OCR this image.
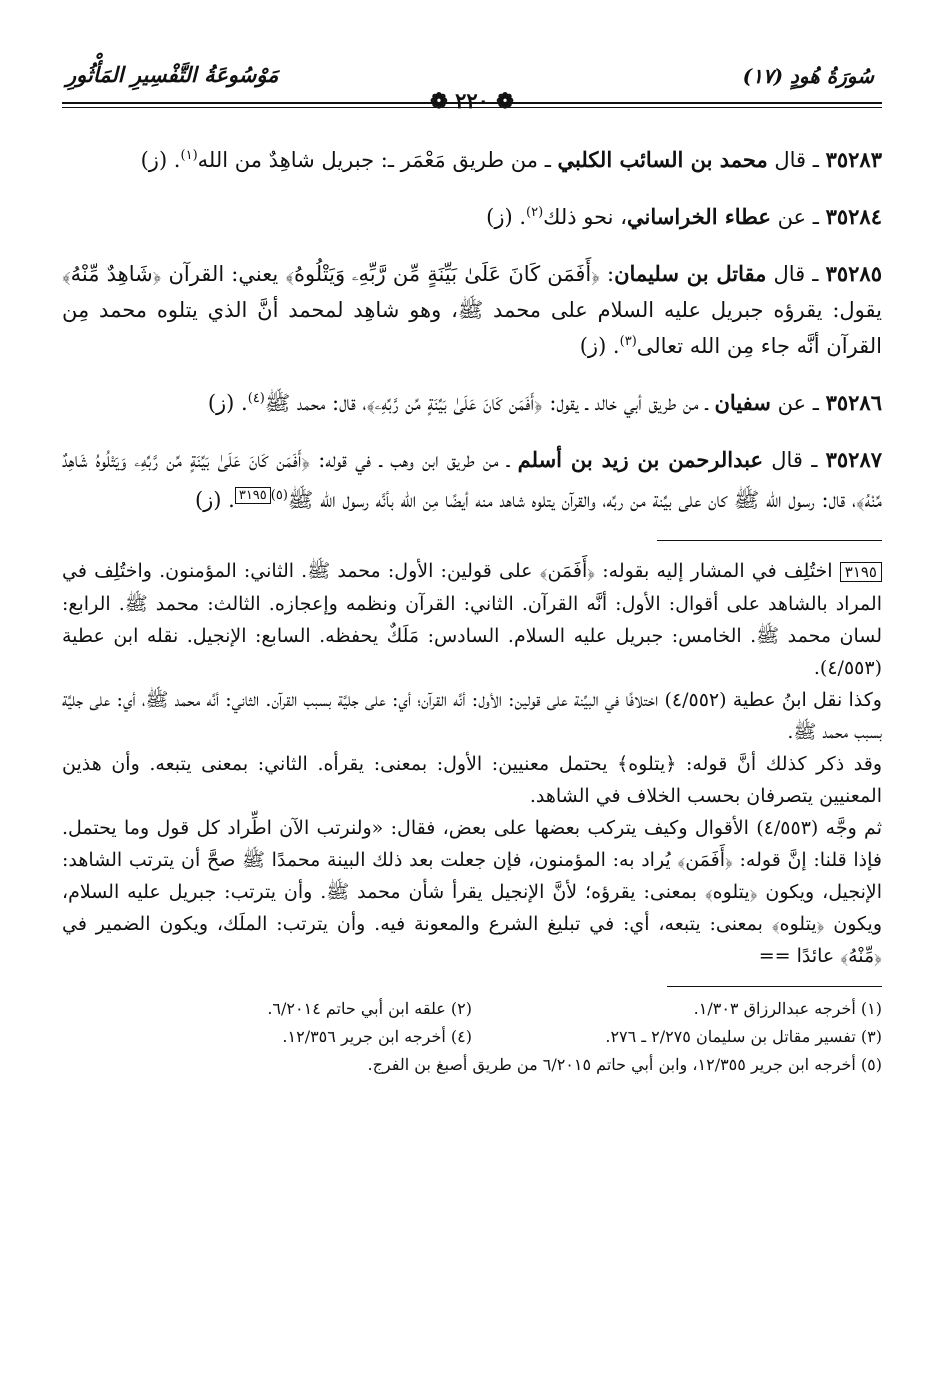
سُورَةُ هُودٍ (١٧)
مَوْسُوعَةُ التَّفْسِيرِ المَأْثُورِ
❁ ٢٢٠ ❁

٣٥٢٨٣ ـ قال محمد بن السائب الكلبي ـ من طريق مَعْمَر ـ: جبريل شاهِدٌ من الله$^{(١)}$. (ز)

٣٥٢٨٤ ـ عن عطاء الخراساني، نحو ذلك$^{(٢)}$. (ز)

٣٥٢٨٥ ـ قال مقاتل بن سليمان: ﴿أَفَمَن كَانَ عَلَىٰ بَيِّنَةٍ مِّن رَّبِّهِۦ وَيَتْلُوهُ﴾ يعني: القرآن ﴿شَاهِدٌ مِّنْهُ﴾ يقول: يقرؤه جبريل عليه السلام على محمد ﷺ، وهو شاهِد لمحمد أنَّ الذي يتلوه محمد مِن القرآن أنَّه جاء مِن الله تعالى$^{(٣)}$. (ز)

٣٥٢٨٦ ـ عن سفيان ـ من طريق أبي خالد ـ يقول: ﴿أَفَمَن كَانَ عَلَىٰ بَيِّنَةٍ مِّن رَّبِّهِۦ﴾، قال: محمد ﷺ$^{(٤)}$. (ز)

٣٥٢٨٧ ـ قال عبدالرحمن بن زيد بن أسلم ـ من طريق ابن وهب ـ في قوله: ﴿أَفَمَن كَانَ عَلَىٰ بَيِّنَةٍ مِّن رَّبِّهِۦ وَيَتْلُوهُ شَاهِدٌ مِّنْهُ﴾، قال: رسول الله ﷺ كان على بيِّنة من ربِّه، والقرآن يتلوه شاهد منه أيضًا مِن الله بأنَّه رسول الله ﷺ$^{(٥)٣١٩٥}$. (ز)

٣١٩٥ اختُلِف في المشار إليه بقوله: ﴿أَفَمَن﴾ على قولين: الأول: محمد ﷺ. الثاني: المؤمنون. واختُلِف في المراد بالشاهد على أقوال: الأول: أنَّه القرآن. الثاني: القرآن ونظمه وإعجازه. الثالث: محمد ﷺ. الرابع: لسان محمد ﷺ. الخامس: جبريل عليه السلام. السادس: مَلَكٌ يحفظه. السابع: الإنجيل. نقله ابن عطية (٤/٥٥٣).

وكذا نقل ابنُ عطية (٤/٥٥٢) اختلافًا في البيِّنة على قولين: الأول: أنَّه القرآن؛ أي: على جليَّة بسبب القرآن. الثاني: أنَّه محمد ﷺ، أي: على جليَّة بسبب محمد ﷺ.

وقد ذكر كذلك أنَّ قوله: ﴿يتلوه﴾ يحتمل معنيين: الأول: بمعنى: يقرأه. الثاني: بمعنى يتبعه. وأن هذين المعنيين يتصرفان بحسب الخلاف في الشاهد.

ثم وجَّه (٤/٥٥٣) الأقوال وكيف يتركب بعضها على بعض، فقال: «ولنرتب الآن اطِّراد كل قول وما يحتمل. فإذا قلنا: إنَّ قوله: ﴿أَفَمَن﴾ يُراد به: المؤمنون، فإن جعلت بعد ذلك البينة محمدًا ﷺ صحَّ أن يترتب الشاهد: الإنجيل، ويكون ﴿يتلوه﴾ بمعنى: يقرؤه؛ لأنَّ الإنجيل يقرأ شأن محمد ﷺ. وأن يترتب: جبريل عليه السلام، ويكون ﴿يتلوه﴾ بمعنى: يتبعه، أي: في تبليغ الشرع والمعونة فيه. وأن يترتب: الملَك، ويكون الضمير في ﴿مِّنْهُ﴾ عائدًا ==

(١) أخرجه عبدالرزاق ١/٣٠٣.
(٢) علقه ابن أبي حاتم ٦/٢٠١٤.
(٣) تفسير مقاتل بن سليمان ٢/٢٧٥ ـ ٢٧٦.
(٤) أخرجه ابن جرير ١٢/٣٥٦.
(٥) أخرجه ابن جرير ١٢/٣٥٥، وابن أبي حاتم ٦/٢٠١٥ من طريق أصبغ بن الفرج.
